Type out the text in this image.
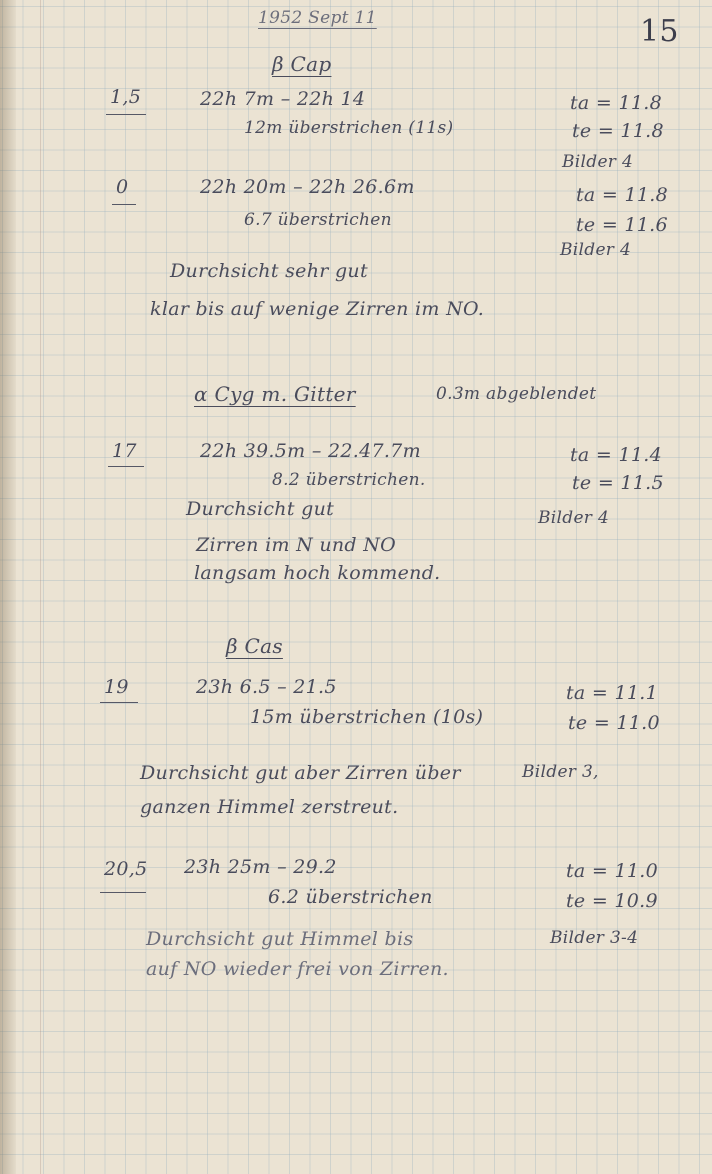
1952 Sept 11	15
β Cap
1,5	22h 7m – 22h 14
12m überstrichen (11s)
ta = 11.8
te = 11.8
Bilder 4
0	22h 20m – 22h 26.6m
6.7 überstrichen
ta = 11.8
te = 11.6
Bilder 4
Durchsicht sehr gut
klar bis auf wenige Zirren im NO.
α Cyg m. Gitter	0.3m abgeblendet
17	22h 39.5m – 22.47.7m
8.2 überstrichen.
ta = 11.4
te = 11.5
Bilder 4
Durchsicht gut
Zirren im N und NO
langsam hoch kommend.
β Cas
19	23h 6.5 – 21.5
15m überstrichen (10s)
ta = 11.1
te = 11.0
Bilder 3,
Durchsicht gut aber Zirren über
ganzen Himmel zerstreut.
20,5 23h 25m – 29.2
6.2 überstrichen
ta = 11.0
te = 10.9
Bilder 3-4
Durchsicht gut Himmel bis
auf NO wieder frei von Zirren.
